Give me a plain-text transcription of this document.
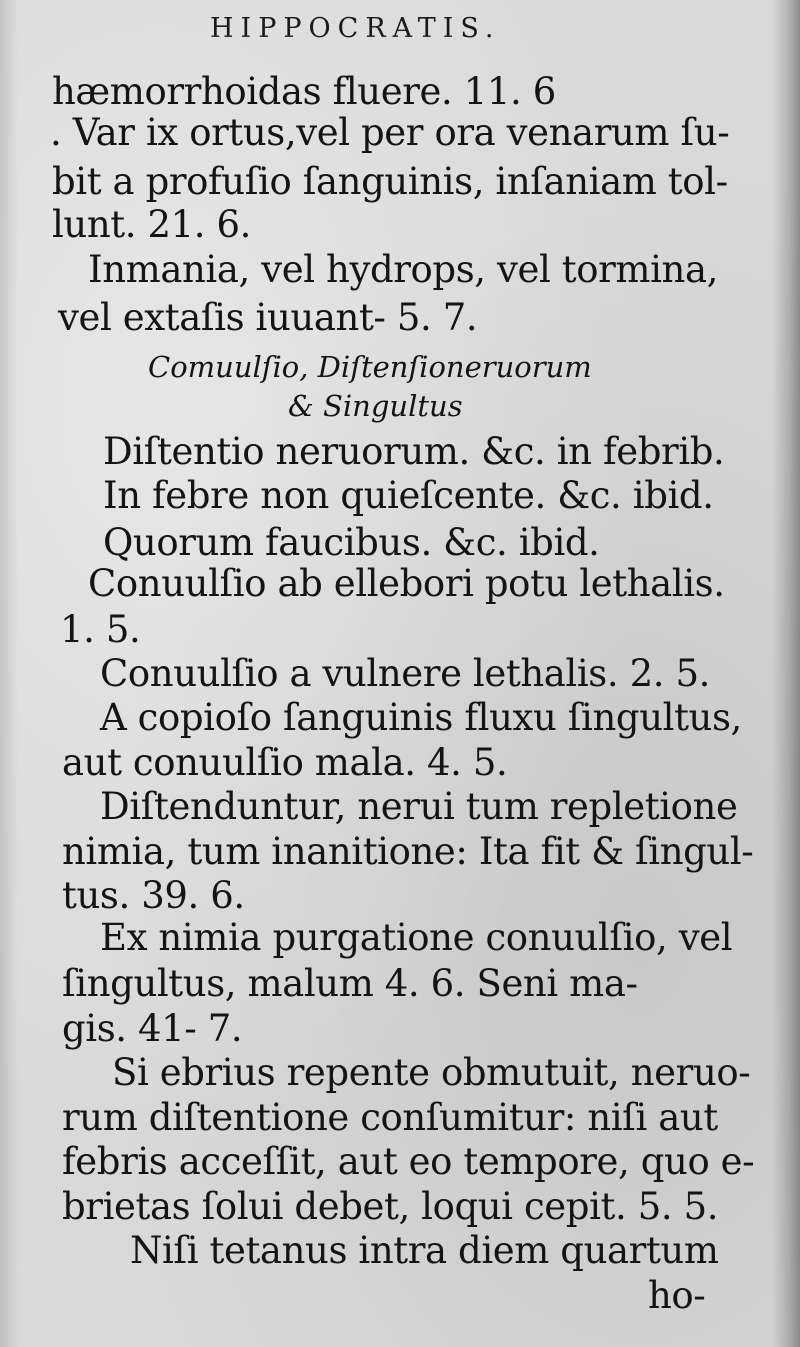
HIPPOCRATIS.
hæmorrhoidas fluere. 11. 6
. Var ix ortus,vel per ora venarum ſu-
bit a profuſio ſanguinis, inſaniam tol-
lunt. 21. 6.
Inmania, vel hydrops, vel tormina,
vel extaſis iuuant- 5. 7.
Comuulſio, Diſtenſioneruorum
& Singultus
Diſtentio neruorum. &c. in febrib.
In febre non quieſcente. &c. ibid.
Quorum faucibus. &c. ibid.
Conuulſio ab ellebori potu lethalis.
1. 5.
Conuulſio a vulnere lethalis. 2. 5.
A copioſo ſanguinis fluxu ſingultus,
aut conuulſio mala. 4. 5.
Diſtenduntur, nerui tum repletione
nimia, tum inanitione: Ita fit & ſingul-
tus. 39. 6.
Ex nimia purgatione conuulſio, vel
ſingultus, malum 4. 6. Seni ma-
gis. 41- 7.
Si ebrius repente obmutuit, neruo-
rum diſtentione conſumitur: niſi aut
febris acceſſit, aut eo tempore, quo e-
brietas ſolui debet, loqui cepit. 5. 5.
Niſi tetanus intra diem quartum
ho-
